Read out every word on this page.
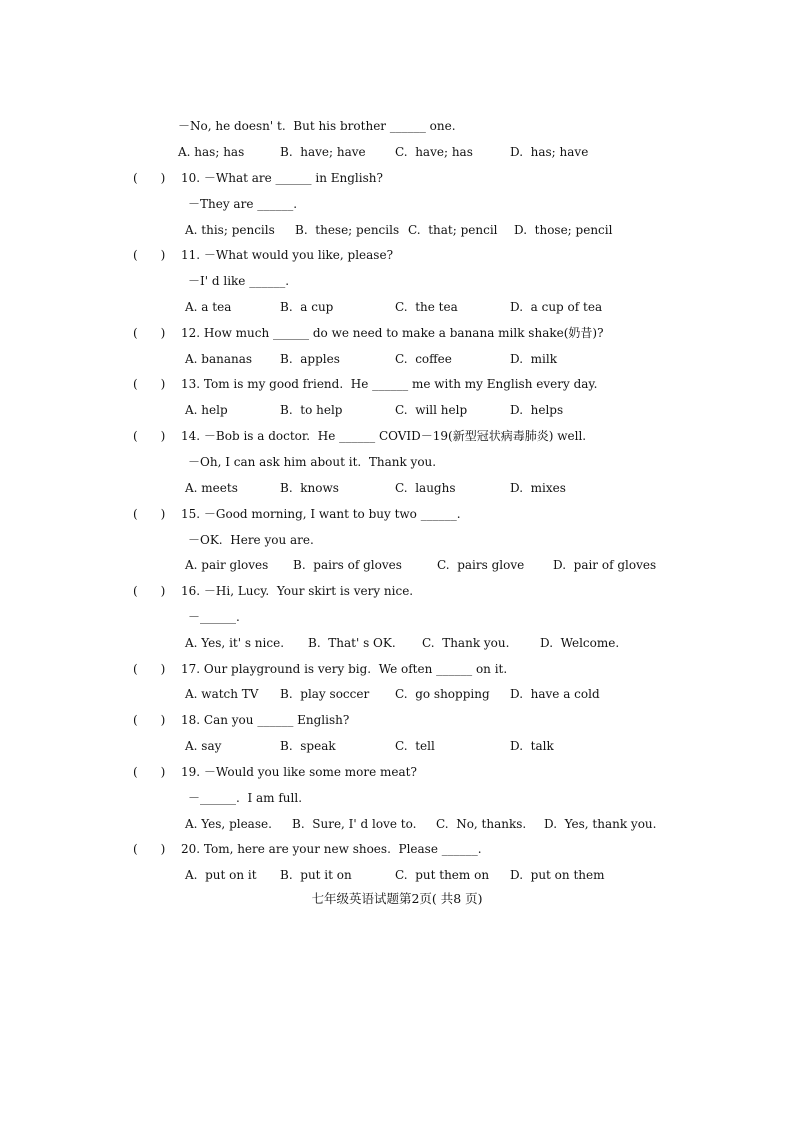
－No, he doesn' t.  But his brother ______ one.
A. has; has	B.  have; have C.  have; has	D.  has; have
(      ) 10. －What are ______ in English?
－They are ______.
A. this; pencils B.  these; pencils C.  that; pencil D.  those; pencil
(      ) 11. －What would you like, please?
－I' d like ______.
A. a tea	B.  a cup	C.  the tea	D.  a cup of tea
(      ) 12. How much ______ do we need to make a banana milk shake(奶昔)?
A. bananas B.  apples	C.  coffee	D.  milk
(      ) 13. Tom is my good friend.  He ______ me with my English every day.
A. help	B.  to help	C.  will help	D.  helps
(      ) 14. －Bob is a doctor.  He ______ COVID－19(新型冠状病毒肺炎) well.
－Oh, I can ask him about it.  Thank you.
A. meets	B.  knows	C.  laughs	D.  mixes
(      ) 15. －Good morning, I want to buy two ______.
－OK.  Here you are.
A. pair gloves B.  pairs of gloves	C.  pairs glove D.  pair of gloves
(      ) 16. －Hi, Lucy.  Your skirt is very nice.
－______.
A. Yes, it' s nice. B.  That' s OK. C.  Thank you.	D.  Welcome.
(      ) 17. Our playground is very big.  We often ______ on it.
A. watch TV B.  play soccer C.  go shopping D.  have a cold
(      ) 18. Can you ______ English?
A. say	B.  speak	C.  tell	D.  talk
(      ) 19. －Would you like some more meat?
－______.  I am full.
A. Yes, please. B.  Sure, I' d love to. C.  No, thanks. D.  Yes, thank you.
(      ) 20. Tom, here are your new shoes.  Please ______.
A.  put on it B.  put it on	C.  put them on D.  put on them
七年级英语试题第2页( 共8 页)
